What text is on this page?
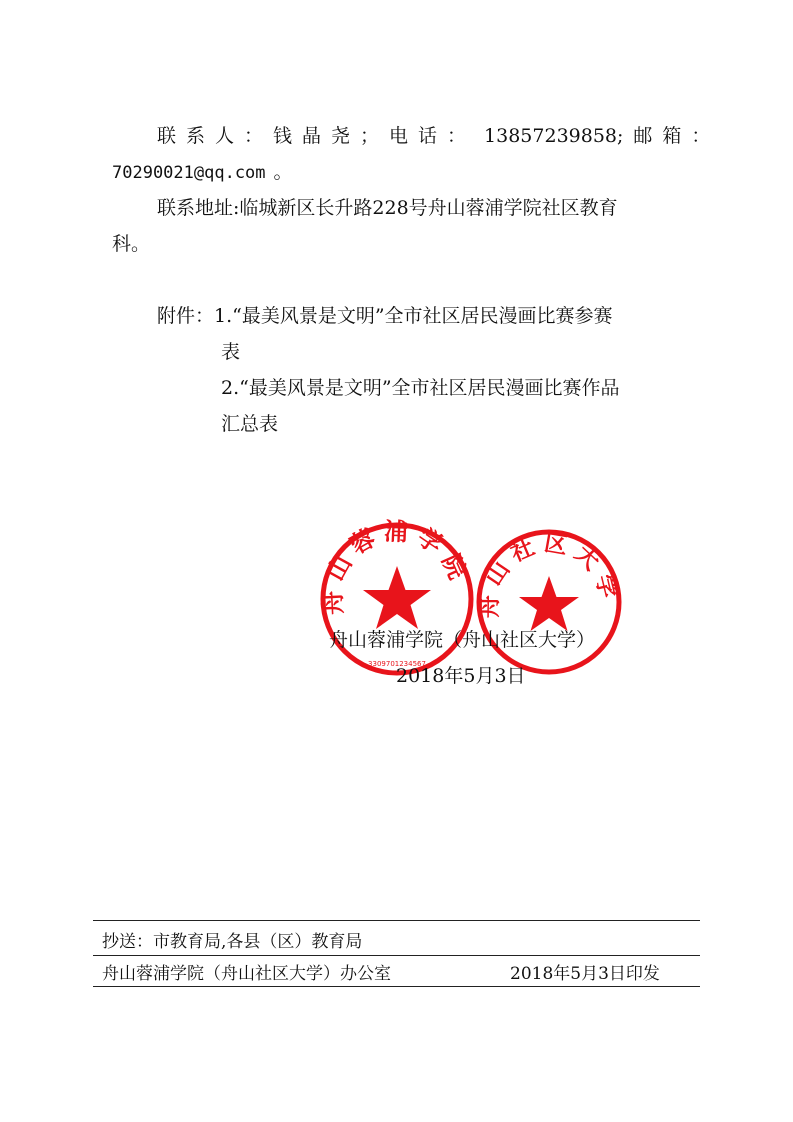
联系人：钱晶尧；电话： 13857239858; 邮箱：
70290021@qq.com 。
联系地址:临城新区长升路228号舟山蓉浦学院社区教育
科。
附件： 1.“最美风景是文明”全市社区居民漫画比赛参赛
表
2.“最美风景是文明”全市社区居民漫画比赛作品
汇总表
舟山蓉浦学院
3309701234567
舟山社区大学
舟山蓉浦学院（舟山社区大学）
2018年5月3日
抄送：市教育局,各县（区）教育局
舟山蓉浦学院（舟山社区大学）办公室	2018年5月3日印发
